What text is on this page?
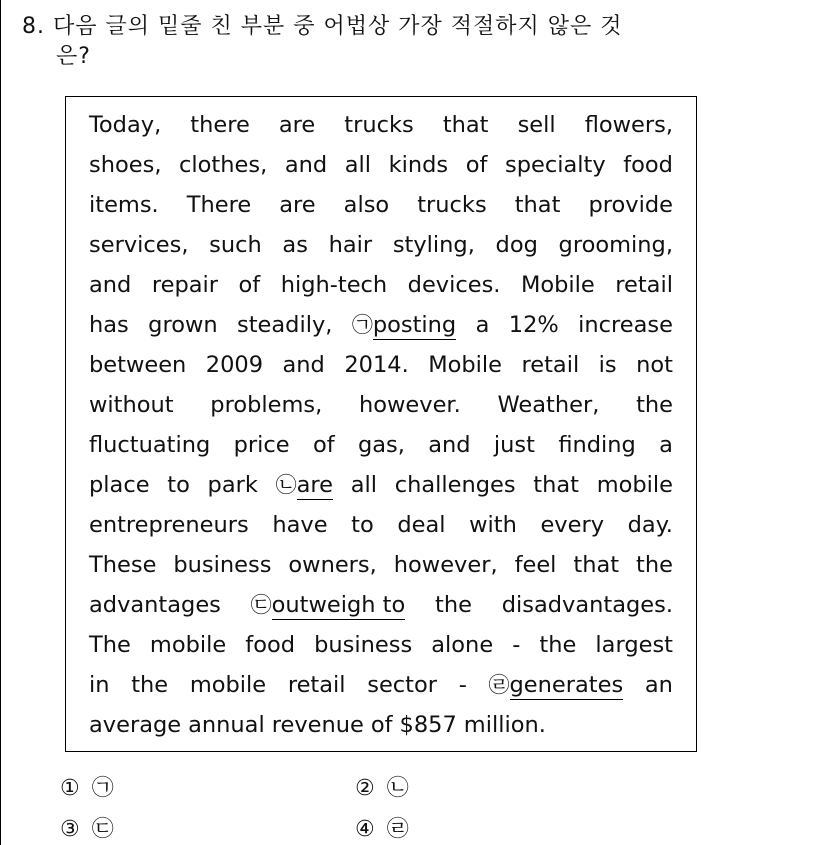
8. 다음 글의 밑줄 친 부분 중 어법상 가장 적절하지 않은 것
은?
Today, there are trucks that sell flowers,
shoes, clothes, and all kinds of specialty food
items. There are also trucks that provide
services, such as hair styling, dog grooming,
and repair of high-tech devices. Mobile retail
has grown steadily, ㉠posting a 12% increase
between 2009 and 2014. Mobile retail is not
without problems, however. Weather, the
fluctuating price of gas, and just finding a
place to park ㉡are all challenges that mobile
entrepreneurs have to deal with every day.
These business owners, however, feel that the
advantages ㉢outweigh to the disadvantages.
The mobile food business alone - the largest
in the mobile retail sector - ㉣generates an
average annual revenue of $857 million.
① ㉠	② ㉡
③ ㉢	④ ㉣
